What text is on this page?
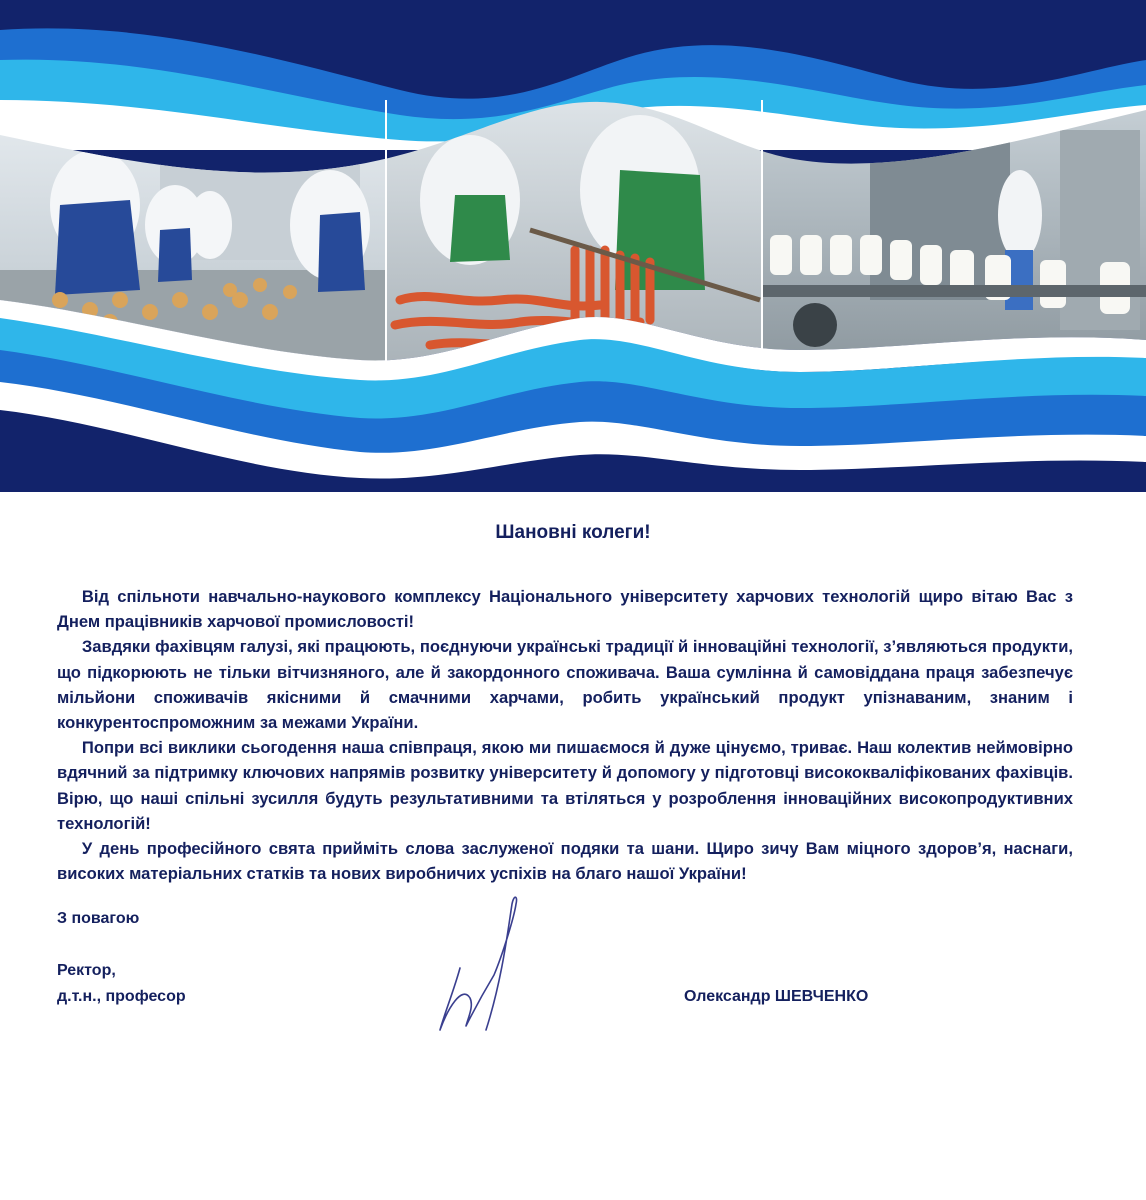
Шановні колеги!

  Від спільноти навчально-наукового комплексу Національного університету харчових технологій щиро вітаю Вас з Днем працівників харчової промисловості!

  Завдяки фахівцям галузі, які працюють, поєднуючи українські традиції й інноваційні технології, з’являються продукти, що підкорюють не тільки вітчизняного, але й закордонного споживача. Ваша сумлінна й самовіддана праця забезпечує мільйони споживачів якісними й смачними харчами, робить український продукт упізнаваним, знаним і конкурентоспроможним за межами України.

  Попри всі виклики сьогодення наша співпраця, якою ми пишаємося й дуже цінуємо, триває. Наш колектив неймовірно вдячний за підтримку ключових напрямів розвитку університету й допомогу у підготовці висококваліфікованих фахівців. Вірю, що наші спільні зусилля будуть результативними та втіляться у розроблення інноваційних високопродуктивних технологій!

  У день професійного свята прийміть слова заслуженої подяки та шани. Щиро зичу Вам міцного здоров’я, наснаги, високих матеріальних статків та нових виробничих успіхів на благо нашої України!

З повагою
Ректор,
д.т.н., професор	Олександр ШЕВЧЕНКО
